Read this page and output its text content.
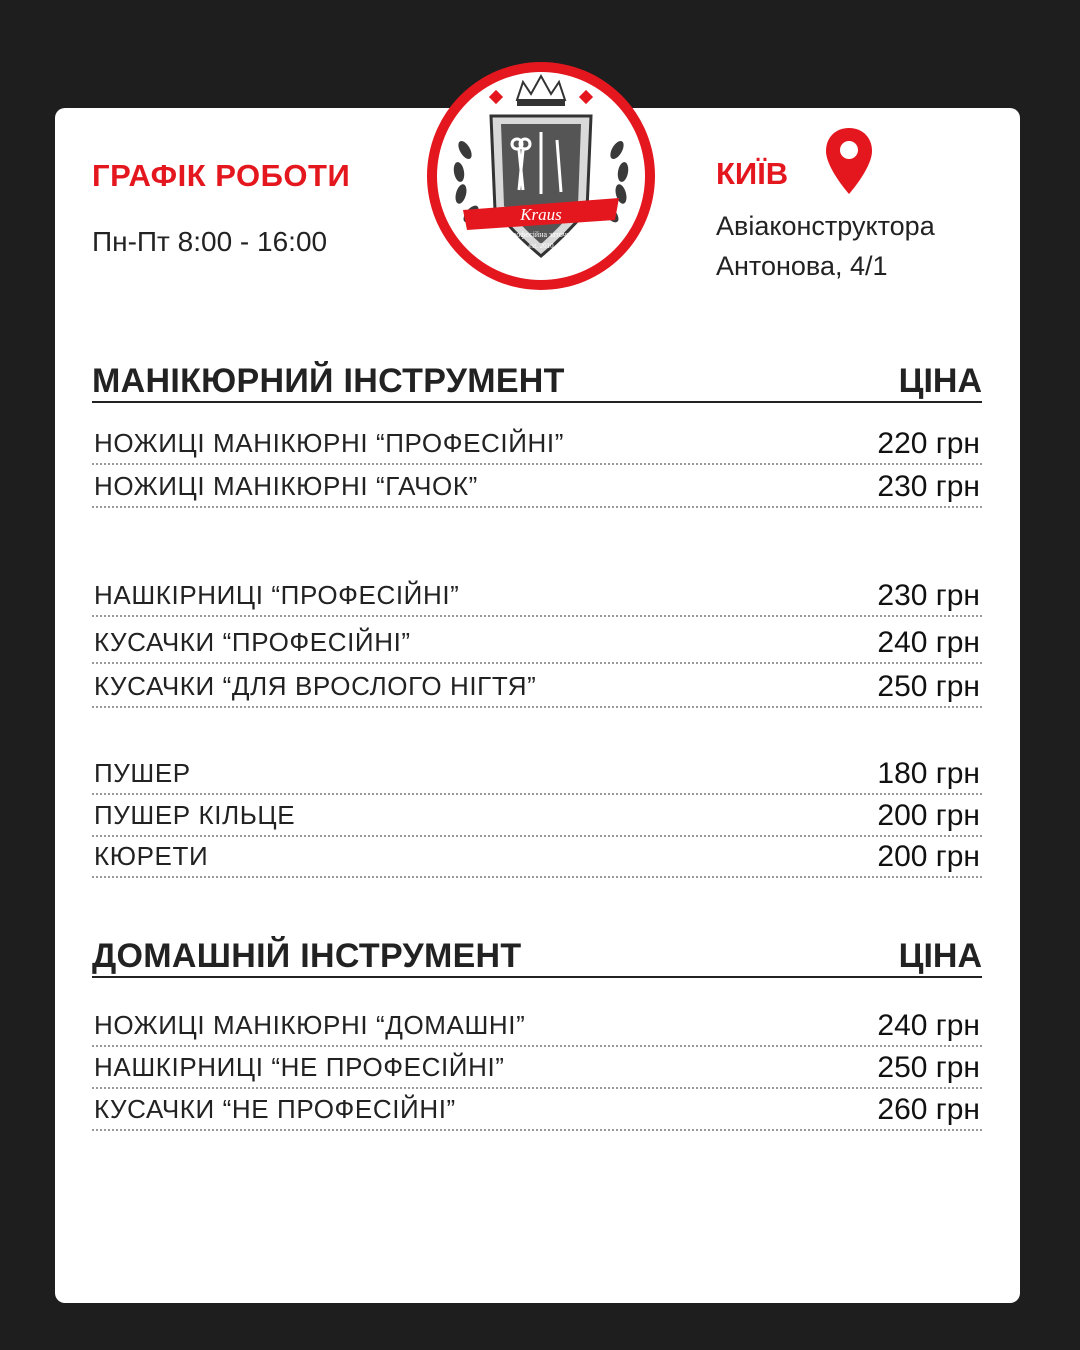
ГРАФІК РОБОТИ
Пн-Пт 8:00 - 16:00
Kraus
професійна заточка
est. 2010
КИЇВ
Авіаконструктора
Антонова, 4/1
МАНІКЮРНИЙ ІНСТРУМЕНТ	ЦІНА
НОЖИЦІ МАНІКЮРНІ “ПРОФЕСІЙНІ”	220 грн
НОЖИЦІ МАНІКЮРНІ “ГАЧОК”	230 грн
НАШКІРНИЦІ “ПРОФЕСІЙНІ”	230 грн
КУСАЧКИ “ПРОФЕСІЙНІ”	240 грн
КУСАЧКИ “ДЛЯ ВРОСЛОГО НІГТЯ”	250 грн
ПУШЕР	180 грн
ПУШЕР КІЛЬЦЕ	200 грн
КЮРЕТИ	200 грн
ДОМАШНІЙ ІНСТРУМЕНТ	ЦІНА
НОЖИЦІ МАНІКЮРНІ “ДОМАШНІ”	240 грн
НАШКІРНИЦІ “НЕ ПРОФЕСІЙНІ”	250 грн
КУСАЧКИ “НЕ ПРОФЕСІЙНІ”	260 грн
